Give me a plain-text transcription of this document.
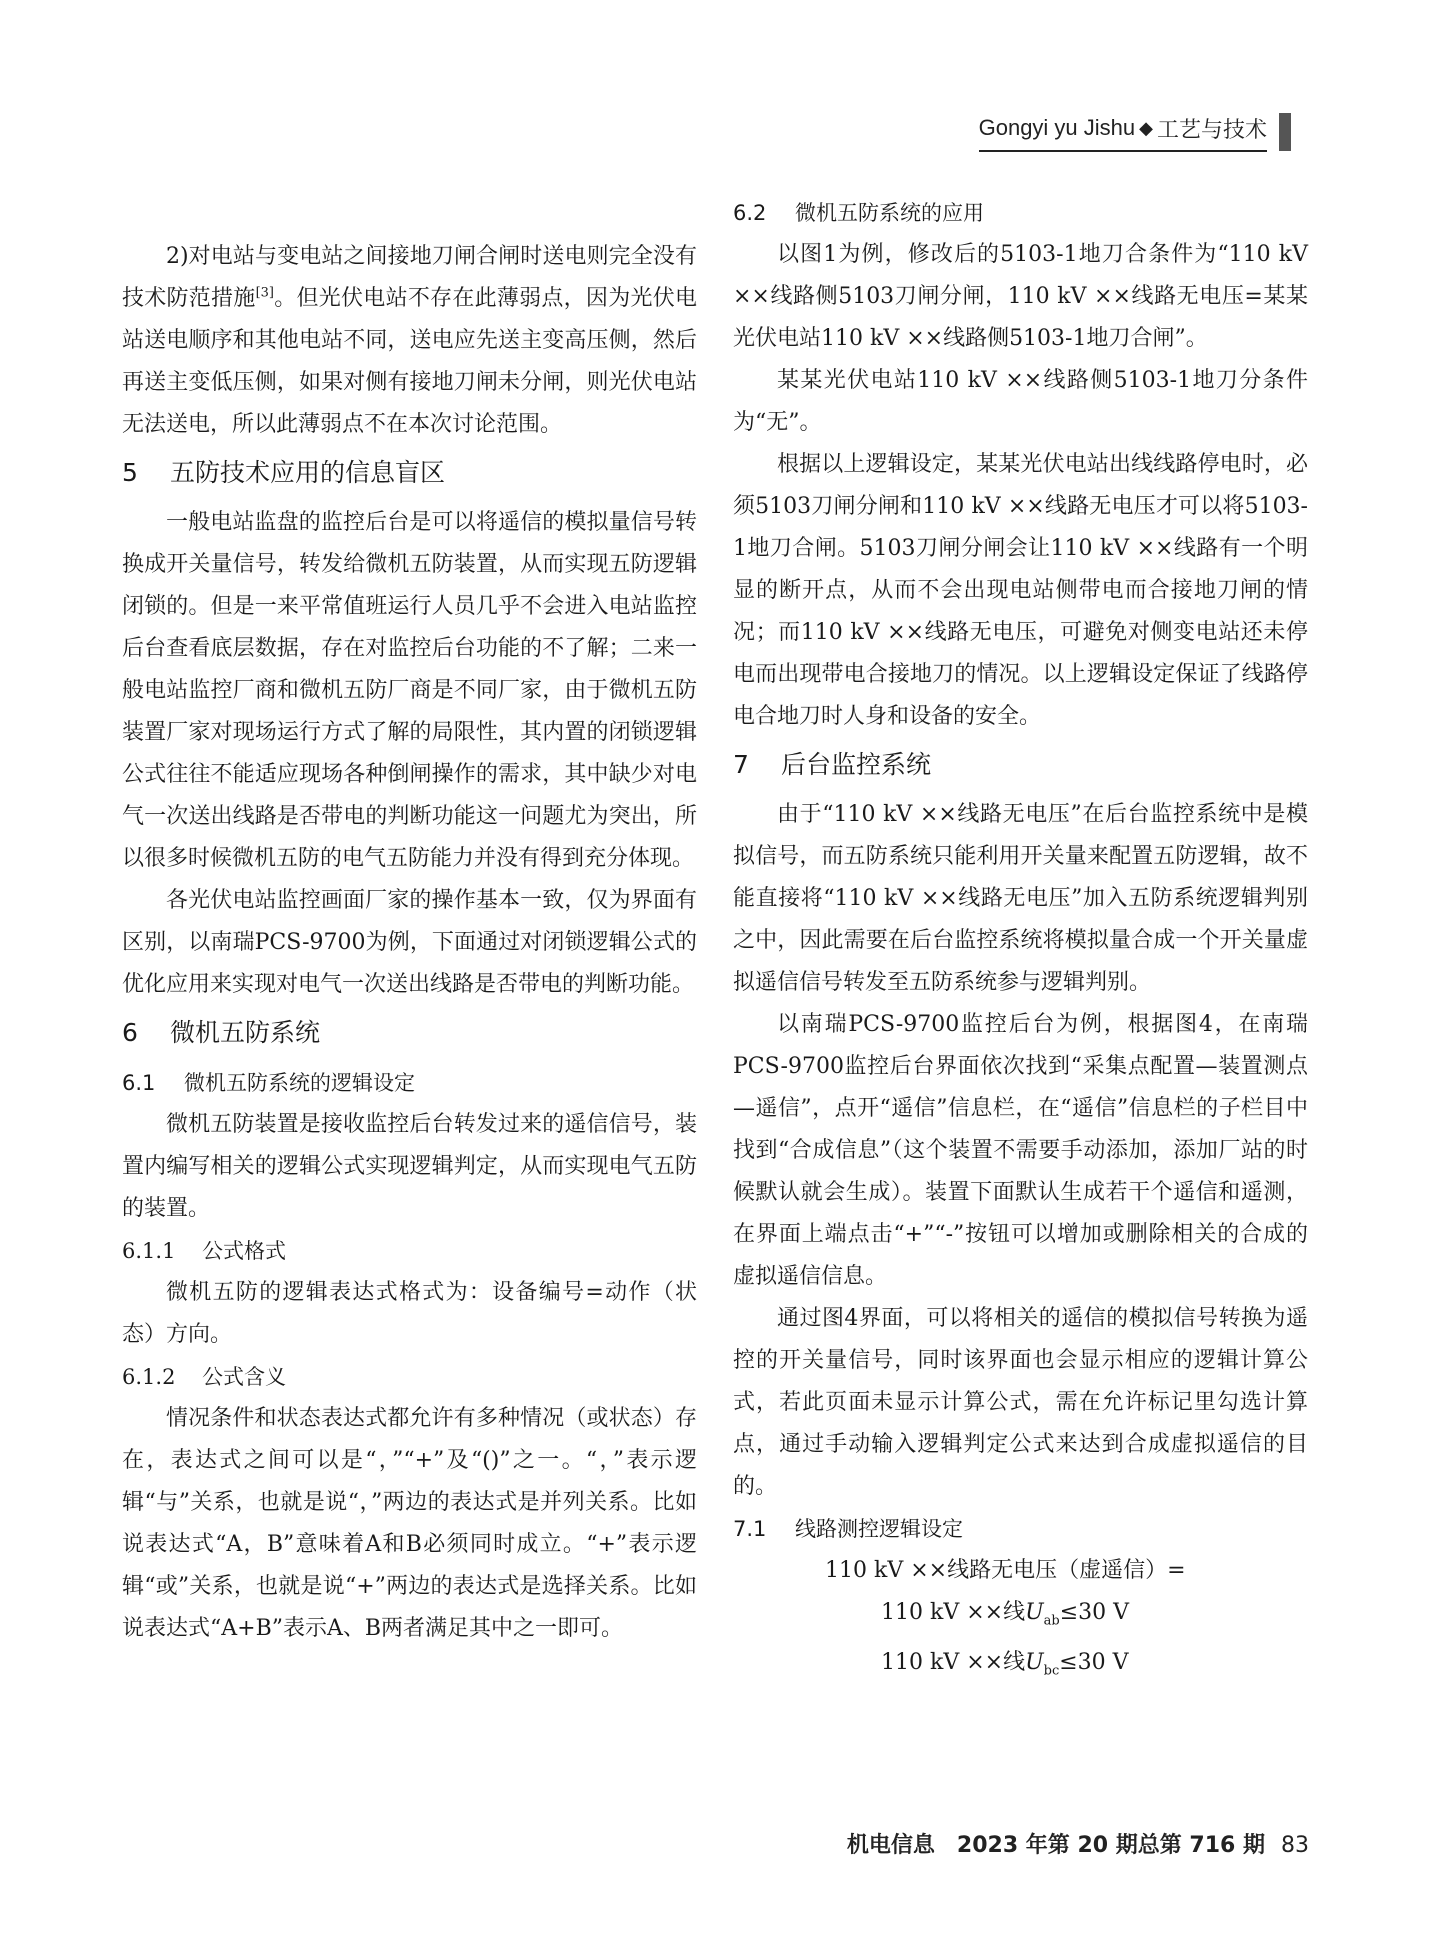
Gongyi yu Jishu ◆ 工艺与技术

2)对电站与变电站之间接地刀闸合闸时送电则完全没有技术防范措施[3]。但光伏电站不存在此薄弱点，因为光伏电站送电顺序和其他电站不同，送电应先送主变高压侧，然后再送主变低压侧，如果对侧有接地刀闸未分闸，则光伏电站无法送电，所以此薄弱点不在本次讨论范围。

5 五防技术应用的信息盲区

一般电站监盘的监控后台是可以将遥信的模拟量信号转换成开关量信号，转发给微机五防装置，从而实现五防逻辑闭锁的。但是一来平常值班运行人员几乎不会进入电站监控后台查看底层数据，存在对监控后台功能的不了解；二来一般电站监控厂商和微机五防厂商是不同厂家，由于微机五防装置厂家对现场运行方式了解的局限性，其内置的闭锁逻辑公式往往不能适应现场各种倒闸操作的需求，其中缺少对电气一次送出线路是否带电的判断功能这一问题尤为突出，所以很多时候微机五防的电气五防能力并没有得到充分体现。

各光伏电站监控画面厂家的操作基本一致，仅为界面有区别，以南瑞PCS-9700为例，下面通过对闭锁逻辑公式的优化应用来实现对电气一次送出线路是否带电的判断功能。

6 微机五防系统
6.1 微机五防系统的逻辑设定

微机五防装置是接收监控后台转发过来的遥信信号，装置内编写相关的逻辑公式实现逻辑判定，从而实现电气五防的装置。

6.1.1 公式格式

微机五防的逻辑表达式格式为：设备编号=动作（状态）方向。

6.1.2 公式含义

情况条件和状态表达式都允许有多种情况（或状态）存在，表达式之间可以是“，”“+”及“()”之一。“，”表示逻辑“与”关系，也就是说“，”两边的表达式是并列关系。比如说表达式“A，B”意味着A和B必须同时成立。“+”表示逻辑“或”关系，也就是说“+”两边的表达式是选择关系。比如说表达式“A+B”表示A、B两者满足其中之一即可。

6.2 微机五防系统的应用

以图1为例，修改后的5103-1地刀合条件为“110 kV ××线路侧5103刀闸分闸，110 kV ××线路无电压=某某光伏电站110 kV ××线路侧5103-1地刀合闸”。

某某光伏电站110 kV ××线路侧5103-1地刀分条件为“无”。

根据以上逻辑设定，某某光伏电站出线线路停电时，必须5103刀闸分闸和110 kV ××线路无电压才可以将5103-1地刀合闸。5103刀闸分闸会让110 kV ××线路有一个明显的断开点，从而不会出现电站侧带电而合接地刀闸的情况；而110 kV ××线路无电压，可避免对侧变电站还未停电而出现带电合接地刀的情况。以上逻辑设定保证了线路停电合地刀时人身和设备的安全。

7 后台监控系统

由于“110 kV ××线路无电压”在后台监控系统中是模拟信号，而五防系统只能利用开关量来配置五防逻辑，故不能直接将“110 kV ××线路无电压”加入五防系统逻辑判别之中，因此需要在后台监控系统将模拟量合成一个开关量虚拟遥信信号转发至五防系统参与逻辑判别。

以南瑞PCS-9700监控后台为例，根据图4，在南瑞PCS-9700监控后台界面依次找到“采集点配置—装置测点—遥信”，点开“遥信”信息栏，在“遥信”信息栏的子栏目中找到“合成信息”（这个装置不需要手动添加，添加厂站的时候默认就会生成）。装置下面默认生成若干个遥信和遥测，在界面上端点击“+”“-”按钮可以增加或删除相关的合成的虚拟遥信信息。

通过图4界面，可以将相关的遥信的模拟信号转换为遥控的开关量信号，同时该界面也会显示相应的逻辑计算公式，若此页面未显示计算公式，需在允许标记里勾选计算点，通过手动输入逻辑判定公式来达到合成虚拟遥信的目的。

7.1 线路测控逻辑设定

110 kV ××线路无电压（虚遥信）=

110 kV ××线$U_{ab}\le 30$ V

110 kV ××线$U_{bc}\le 30$ V

机电信息　2023 年第 20 期总第 716 期 83
